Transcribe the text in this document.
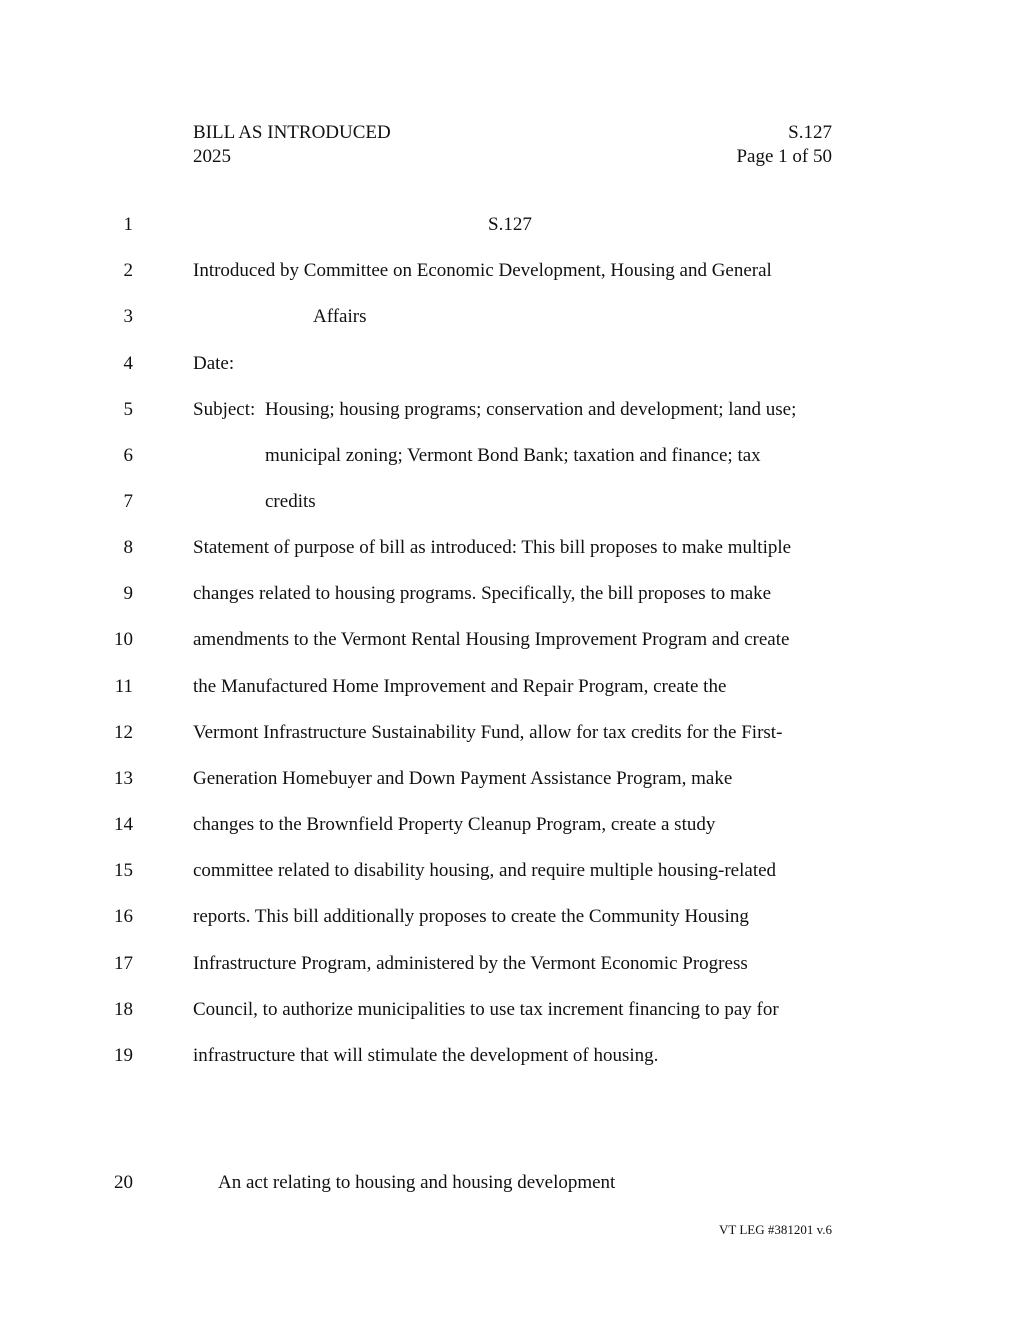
BILL AS INTRODUCED
2025
S.127
Page 1 of 50
1
2
3
4
5
6
7
8
9
10
11
12
13
14
15
16
17
18
19
20
S.127
Introduced by Committee on Economic Development, Housing and General
Affairs
Date:
Subject: Housing; housing programs; conservation and development; land use;
municipal zoning; Vermont Bond Bank; taxation and finance; tax
credits
Statement of purpose of bill as introduced: This bill proposes to make multiple
changes related to housing programs. Specifically, the bill proposes to make
amendments to the Vermont Rental Housing Improvement Program and create
the Manufactured Home Improvement and Repair Program, create the
Vermont Infrastructure Sustainability Fund, allow for tax credits for the First-
Generation Homebuyer and Down Payment Assistance Program, make
changes to the Brownfield Property Cleanup Program, create a study
committee related to disability housing, and require multiple housing-related
reports. This bill additionally proposes to create the Community Housing
Infrastructure Program, administered by the Vermont Economic Progress
Council, to authorize municipalities to use tax increment financing to pay for
infrastructure that will stimulate the development of housing.
An act relating to housing and housing development
VT LEG #381201 v.6
